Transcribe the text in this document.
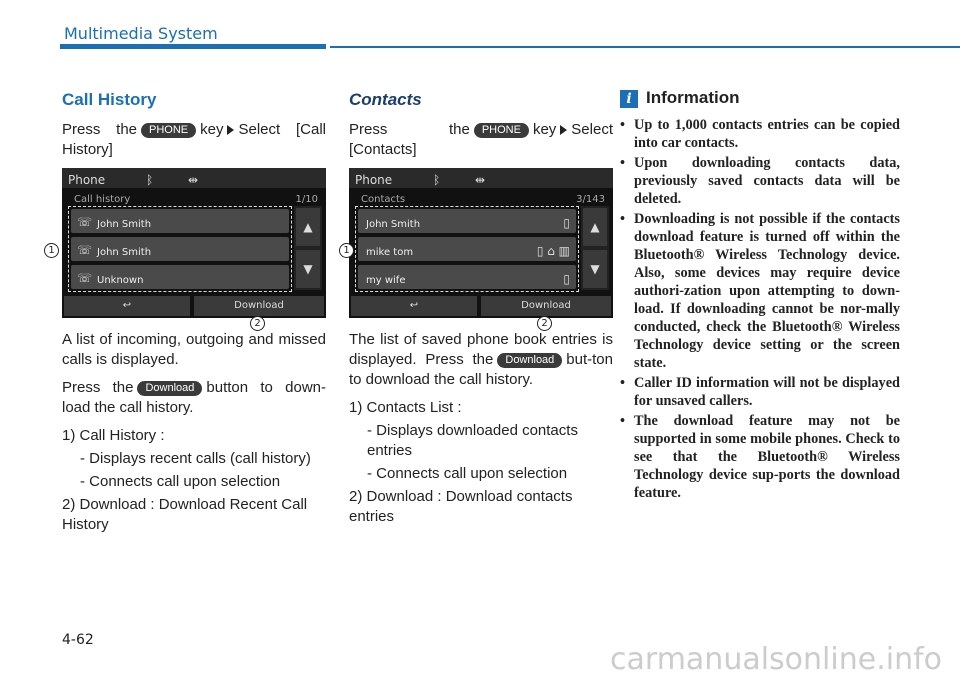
Multimedia System
Call History

Press the PHONE key Select [Call History]

Phone	ᛒ	⇹
Call history	1/10
☏ John Smith
☏ John Smith
☏ Unknown
▲
▼
↩	Download
1
2

A list of incoming, outgoing and missed calls is displayed.

Press the Download button to down-load the call history.

1) Call History :
- Displays recent calls (call history)
- Connects call upon selection
2) Download : Download Recent Call History
Contacts

Press the PHONE key Select [Contacts]

Phone	ᛒ	⇹
Contacts	3/143
John Smith	▯
mike tom	▯ ⌂ ▥
my wife	▯
▲
▼
↩	Download
1
2

The list of saved phone book entries is displayed. Press the Download but-ton to download the call history.

1) Contacts List :
- Displays downloaded contacts entries
- Connects call upon selection
2) Download : Download contacts entries
i Information
• Up to 1,000 contacts entries can be copied into car contacts.
• Upon downloading contacts data, previously saved contacts data will be deleted.
• Downloading is not possible if the contacts download feature is turned off within the Bluetooth® Wireless Technology device. Also, some devices may require device authori-zation upon attempting to down-load. If downloading cannot be nor-mally conducted, check the Bluetooth® Wireless Technology device setting or the screen state.
• Caller ID information will not be displayed for unsaved callers.
• The download feature may not be supported in some mobile phones. Check to see that the Bluetooth® Wireless Technology device sup-ports the download feature.
4-62
carmanualsonline.info
